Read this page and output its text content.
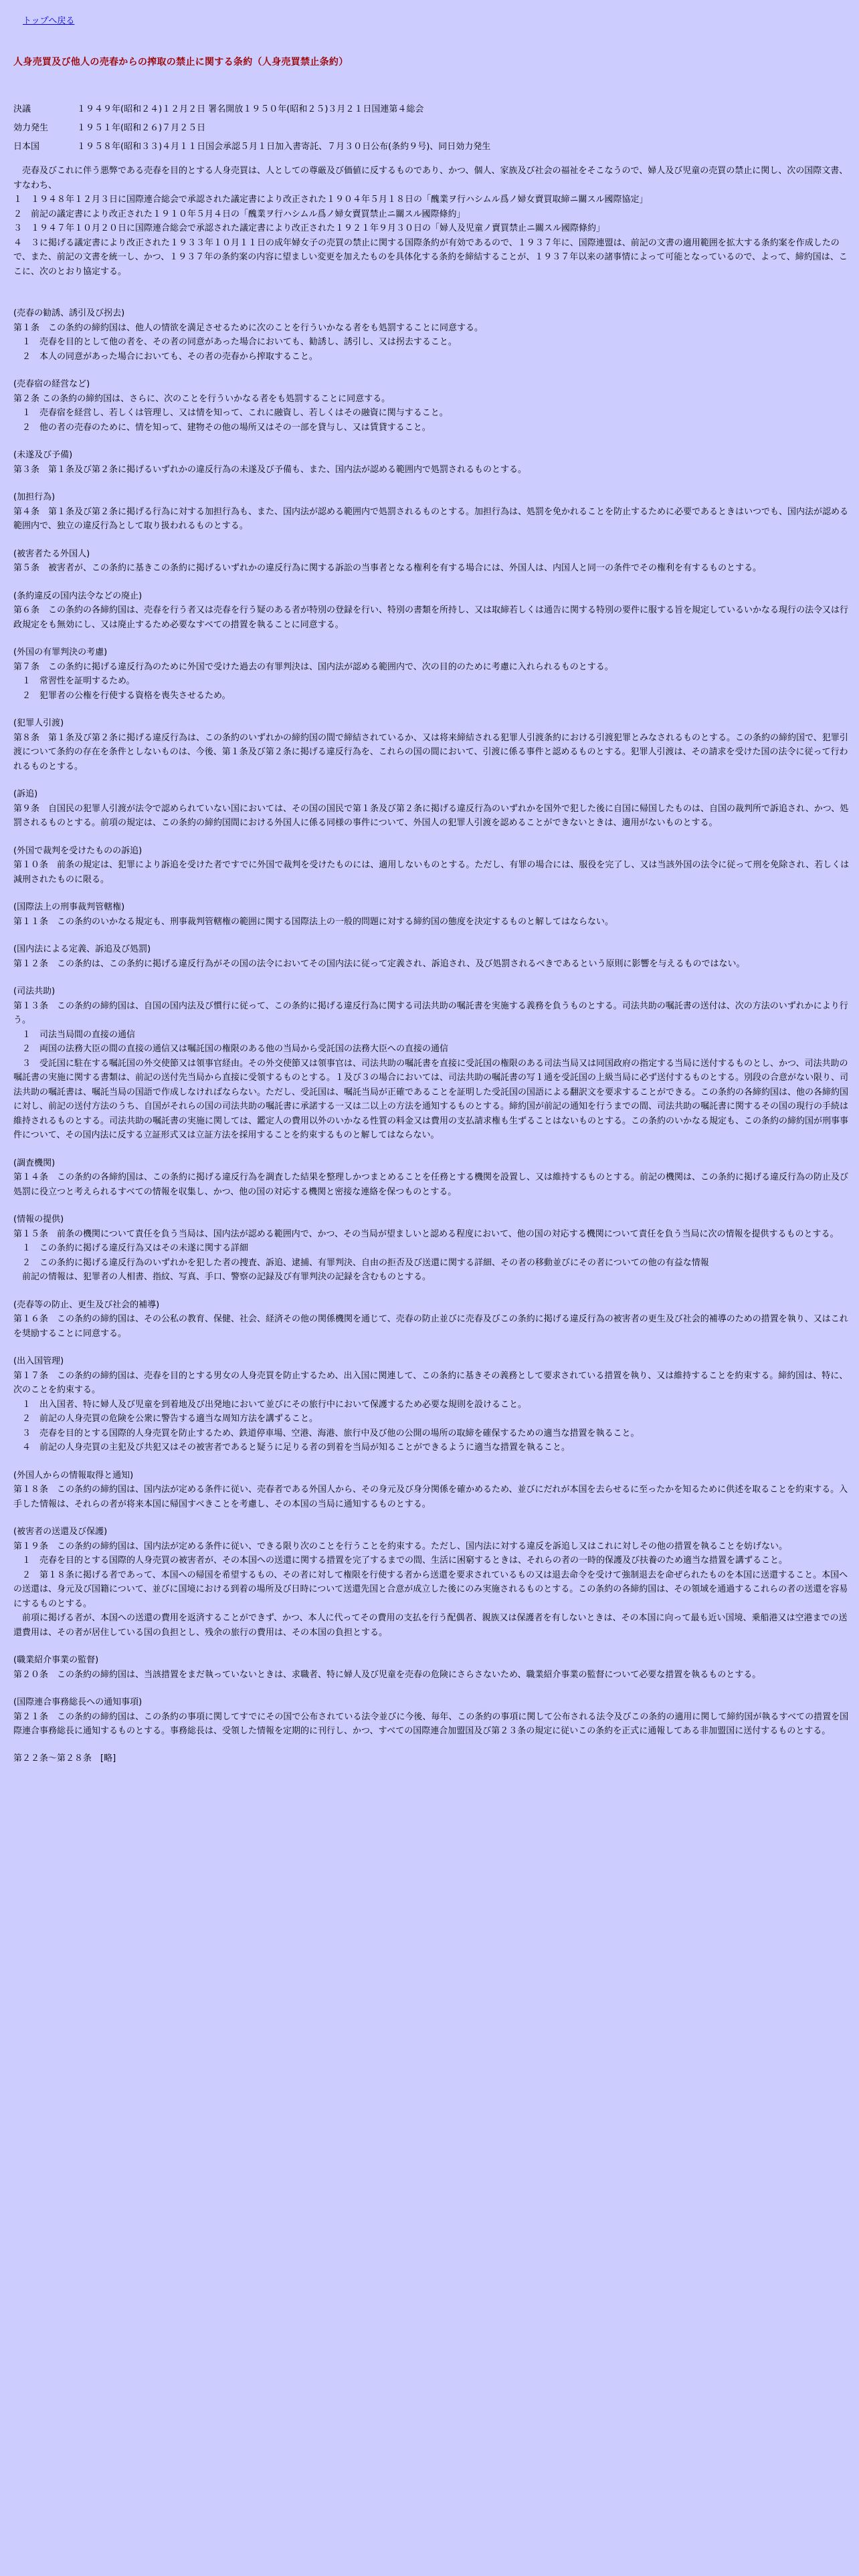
トップへ戻る
人身売買及び他人の売春からの搾取の禁止に関する条約（人身売買禁止条約）
決議	１９４９年(昭和２４)１２月２日 署名開放１９５０年(昭和２５)３月２１日国連第４総会
効力発生	１９５１年(昭和２６)７月２５日
日本国	１９５８年(昭和３３)４月１１日国会承認５月１日加入書寄託、７月３０日公布(条約９号)、同日効力発生

　売春及びこれに伴う悪弊である売春を目的とする人身売買は、人としての尊厳及び価値に反するものであり、かつ、個人、家族及び社会の福祉をそこなうので、婦人及び児童の売買の禁止に関し、次の国際文書、すなわち、

１　１９４８年１２月３日に国際連合総会で承認された議定書により改正された１９０４年５月１８日の「醜業ヲ行ハシムル爲ノ婦女賣買取締ニ關スル國際協定」

２　前記の議定書により改正された１９１０年５月４日の「醜業ヲ行ハシムル爲ノ婦女賣買禁止ニ關スル國際條約」

３　１９４７年１０月２０日に国際連合総会で承認された議定書により改正された１９２１年９月３０日の「婦人及児童ノ賣買禁止ニ關スル國際條約」

４　３に掲げる議定書により改正された１９３３年１０月１１日の成年婦女子の売買の禁止に関する国際条約が有効であるので、１９３７年に、国際連盟は、前記の文書の適用範囲を拡大する条約案を作成したので、また、前記の文書を統一し、かつ、１９３７年の条約案の内容に望ましい変更を加えたものを具体化する条約を締結することが、１９３７年以来の諸事情によって可能となっているので、よって、締約国は、ここに、次のとおり協定する。

(売春の勧誘、誘引及び拐去)

第１条　この条約の締約国は、他人の情欲を満足させるために次のことを行ういかなる者をも処罰することに同意する。

　１　売春を目的として他の者を、その者の同意があった場合においても、勧誘し、誘引し、又は拐去すること。

　２　本人の同意があった場合においても、その者の売春から搾取すること。

(売春宿の経営など)

第２条 この条約の締約国は、さらに、次のことを行ういかなる者をも処罰することに同意する。

　１　売春宿を経営し、若しくは管理し、又は情を知って、これに融資し、若しくはその融資に関与すること。

　２　他の者の売春のために、情を知って、建物その他の場所又はその一部を貸与し、又は賃貸すること。

(未遂及び予備)

第３条　第１条及び第２条に掲げるいずれかの違反行為の未遂及び予備も、また、国内法が認める範囲内で処罰されるものとする。

(加担行為)

第４条　第１条及び第２条に掲げる行為に対する加担行為も、また、国内法が認める範囲内で処罰されるものとする。加担行為は、処罰を免かれることを防止するために必要であるときはいつでも、国内法が認める範囲内で、独立の違反行為として取り扱われるものとする。

(被害者たる外国人)

第５条　被害者が、この条約に基きこの条約に掲げるいずれかの違反行為に関する訴訟の当事者となる権利を有する場合には、外国人は、内国人と同一の条件でその権利を有するものとする。

(条約違反の国内法令などの廃止)

第６条　この条約の各締約国は、売春を行う者又は売春を行う疑のある者が特別の登録を行い、特別の書類を所持し、又は取締若しくは通告に関する特別の要件に服する旨を規定しているいかなる現行の法令又は行政規定をも無効にし、又は廃止するため必要なすべての措置を執ることに同意する。

(外国の有罪判決の考慮)

第７条　この条約に掲げる違反行為のために外国で受けた過去の有罪判決は、国内法が認める範囲内で、次の目的のために考慮に入れられるものとする。

　１　常習性を証明するため。

　２　犯罪者の公権を行使する資格を喪失させるため。

(犯罪人引渡)

第８条　第１条及び第２条に掲げる違反行為は、この条約のいずれかの締約国の間で締結されているか、又は将来締結される犯罪人引渡条約における引渡犯罪とみなされるものとする。この条約の締約国で、犯罪引渡について条約の存在を条件としないものは、今後、第１条及び第２条に掲げる違反行為を、これらの国の間において、引渡に係る事件と認めるものとする。犯罪人引渡は、その請求を受けた国の法令に従って行われるものとする。

(訴追)

第９条　自国民の犯罪人引渡が法令で認められていない国においては、その国の国民で第１条及び第２条に掲げる違反行為のいずれかを国外で犯した後に自国に帰国したものは、自国の裁判所で訴追され、かつ、処罰されるものとする。前項の規定は、この条約の締約国間における外国人に係る同様の事件について、外国人の犯罪人引渡を認めることができないときは、適用がないものとする。

(外国で裁判を受けたものの訴追)

第１０条　前条の規定は、犯罪により訴追を受けた者ですでに外国で裁判を受けたものには、適用しないものとする。ただし、有罪の場合には、服役を完了し、又は当該外国の法令に従って刑を免除され、若しくは減刑されたものに限る。

(国際法上の刑事裁判管轄権)

第１１条　この条約のいかなる規定も、刑事裁判管轄権の範囲に関する国際法上の一般的問題に対する締約国の態度を決定するものと解してはならない。

(国内法による定義、訴追及び処罰)

第１２条　この条約は、この条約に掲げる違反行為がその国の法令においてその国内法に従って定義され、訴追され、及び処罰されるべきであるという原則に影響を与えるものではない。

(司法共助)

第１３条　この条約の締約国は、自国の国内法及び慣行に従って、この条約に掲げる違反行為に関する司法共助の嘱託書を実施する義務を負うものとする。司法共助の嘱託書の送付は、次の方法のいずれかにより行う。

　１　司法当局間の直接の通信

　２　両国の法務大臣の間の直接の通信又は嘱託国の権限のある他の当局から受託国の法務大臣への直接の通信

　３　受託国に駐在する嘱託国の外交使節又は領事官経由。その外交使節又は領事官は、司法共助の嘱託書を直接に受託国の権限のある司法当局又は同国政府の指定する当局に送付するものとし、かつ、司法共助の嘱託書の実施に関する書類は、前記の送付先当局から直接に受領するものとする。１及び３の場合においては、司法共助の嘱託書の写１通を受託国の上級当局に必ず送付するものとする。別段の合意がない限り、司法共助の嘱託書は、嘱託当局の国語で作成しなければならない。ただし、受託国は、嘱託当局が正確であることを証明した受託国の国語による翻訳文を要求することができる。この条約の各締約国は、他の各締約国に対し、前記の送付方法のうち、自国がそれらの国の司法共助の嘱託書に承諾する一又は二以上の方法を通知するものとする。締約国が前記の通知を行うまでの間、司法共助の嘱託書に関するその国の現行の手続は維持されるものとする。司法共助の嘱託書の実施に関しては、鑑定人の費用以外のいかなる性質の料金又は費用の支払請求権も生ずることはないものとする。この条約のいかなる規定も、この条約の締約国が刑事事件について、その国内法に反する立証形式又は立証方法を採用することを約束するものと解してはならない。

(調査機関)

第１４条　この条約の各締約国は、この条約に掲げる違反行為を調査した結果を整理しかつまとめることを任務とする機関を設置し、又は維持するものとする。前記の機関は、この条約に掲げる違反行為の防止及び処罰に役立つと考えられるすべての情報を収集し、かつ、他の国の対応する機関と密接な連絡を保つものとする。

(情報の提供)

第１５条　前条の機関について責任を負う当局は、国内法が認める範囲内で、かつ、その当局が望ましいと認める程度において、他の国の対応する機関について責任を負う当局に次の情報を提供するものとする。

　１　この条約に掲げる違反行為又はその未遂に関する詳細

　２　この条約に掲げる違反行為のいずれかを犯した者の捜査、訴追、逮捕、有罪判決、自由の拒否及び送還に関する詳細、その者の移動並びにその者についての他の有益な情報

　前記の情報は、犯罪者の人相書、指紋、写真、手口、警察の記録及び有罪判決の記録を含むものとする。

(売春等の防止、更生及び社会的補導)

第１６条　この条約の締約国は、その公私の教育、保健、社会、経済その他の関係機関を通じて、売春の防止並びに売春及びこの条約に掲げる違反行為の被害者の更生及び社会的補導のための措置を執り、又はこれを奨励することに同意する。

(出入国管理)

第１７条　この条約の締約国は、売春を目的とする男女の人身売買を防止するため、出入国に関連して、この条約に基きその義務として要求されている措置を執り、又は維持することを約束する。締約国は、特に、次のことを約束する。

　１　出入国者、特に婦人及び児童を到着地及び出発地において並びにその旅行中において保護するため必要な規則を設けること。

　２　前記の人身売買の危険を公衆に警告する適当な周知方法を講ずること。

　３　売春を目的とする国際的人身売買を防止するため、鉄道停車場、空港、海港、旅行中及び他の公開の場所の取締を確保するための適当な措置を執ること。

　４　前記の人身売買の主犯及び共犯又はその被害者であると疑うに足りる者の到着を当局が知ることができるように適当な措置を執ること。

(外国人からの情報取得と通知)

第１８条　この条約の締約国は、国内法が定める条件に従い、売春者である外国人から、その身元及び身分関係を確かめるため、並びにだれが本国を去らせるに至ったかを知るために供述を取ることを約束する。入手した情報は、それらの者が将来本国に帰国すべきことを考慮し、その本国の当局に通知するものとする。

(被害者の送還及び保護)

第１９条　この条約の締約国は、国内法が定める条件に従い、できる限り次のことを行うことを約束する。ただし、国内法に対する違反を訴追し又はこれに対しその他の措置を執ることを妨げない。

　１　売春を目的とする国際的人身売買の被害者が、その本国への送還に関する措置を完了するまでの間、生活に困窮するときは、それらの者の一時的保護及び扶養のため適当な措置を講ずること。

　２　第１８条に掲げる者であって、本国への帰国を希望するもの、その者に対して権限を行使する者から送還を要求されているもの又は退去命令を受けて強制退去を命ぜられたものを本国に送還すること。本国への送還は、身元及び国籍について、並びに国境における到着の場所及び日時について送還先国と合意が成立した後にのみ実施されるものとする。この条約の各締約国は、その領域を通過するこれらの者の送還を容易にするものとする。

　前項に掲げる者が、本国への送還の費用を返済することができず、かつ、本人に代ってその費用の支払を行う配偶者、親族又は保護者を有しないときは、その本国に向って最も近い国境、乗船港又は空港までの送還費用は、その者が居住している国の負担とし、残余の旅行の費用は、その本国の負担とする。

(職業紹介事業の監督)

第２０条　この条約の締約国は、当該措置をまだ執っていないときは、求職者、特に婦人及び児童を売春の危険にさらさないため、職業紹介事業の監督について必要な措置を執るものとする。

(国際連合事務総長への通知事項)

第２１条　この条約の締約国は、この条約の事項に関してすでにその国で公布されている法令並びに今後、毎年、この条約の事項に関して公布される法令及びこの条約の適用に関して締約国が執るすべての措置を国際連合事務総長に通知するものとする。事務総長は、受領した情報を定期的に刊行し、かつ、すべての国際連合加盟国及び第２３条の規定に従いこの条約を正式に通報してある非加盟国に送付するものとする。

第２２条〜第２８条　[略]
